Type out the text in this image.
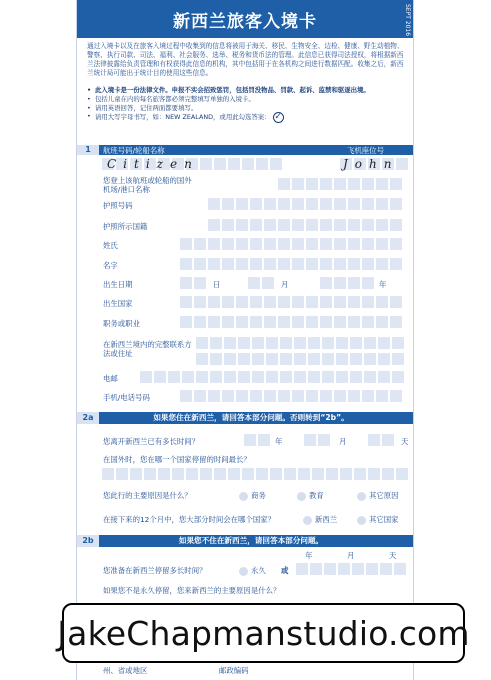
新西兰旅客入境卡	SEPT 2016

通过入境卡以及在旅客入境过程中收集到的信息将被用于海关、移民、生物安全、边检、健康、野生动植物、警察、执行司款、司法、福利、社会服务、选举、税务和货币法的管理。此信息已获得司法授权，将根据新西兰法律披露给负责管理和有权获得此信息的机构，其中包括用于在各机构之间进行数据匹配。收集之后，新西兰统计局可能出于统计目的使用这些信息。

• 此入境卡是一份法律文件。申报不实会招致惩罚，包括罚没物品、罚款、起诉、监禁和驱逐出境。
• 包括儿童在内的每名旅客都必须完整填写单独的入境卡。
• 请用英语回答，记住两面都要填写。
• 请用大写字母书写，如：NEW ZEALAND，或用此勾选答案： ✓
1	航班号码/轮船名称	飞机座位号
Citizen	John
您登上该航班或轮船的国外机场/港口名称
护照号码
护照所示国籍
姓氏
名字
出生日期	日	月	年
出生国家
职务或职业
在新西兰境内的完整联系方法或住址
电邮
手机/电话号码
2a	如果您住在新西兰，请回答本部分问题。否则转到“2b”。
您离开新西兰已有多长时间？	年	月	天
在国外时，您在哪一个国家停留的时间最长？
您此行的主要原因是什么？	商务	教育	其它原因
在接下来的12个月中，您大部分时间会在哪个国家？	新西兰	其它国家
2b	如果您不住在新西兰，请回答本部分问题。
年	月	天
您准备在新西兰停留多长时间？	永久 或
如果您不是永久停留，您来新西兰的主要原因是什么？
州、省或地区	邮政编码
JakeChapmanstudio.com
